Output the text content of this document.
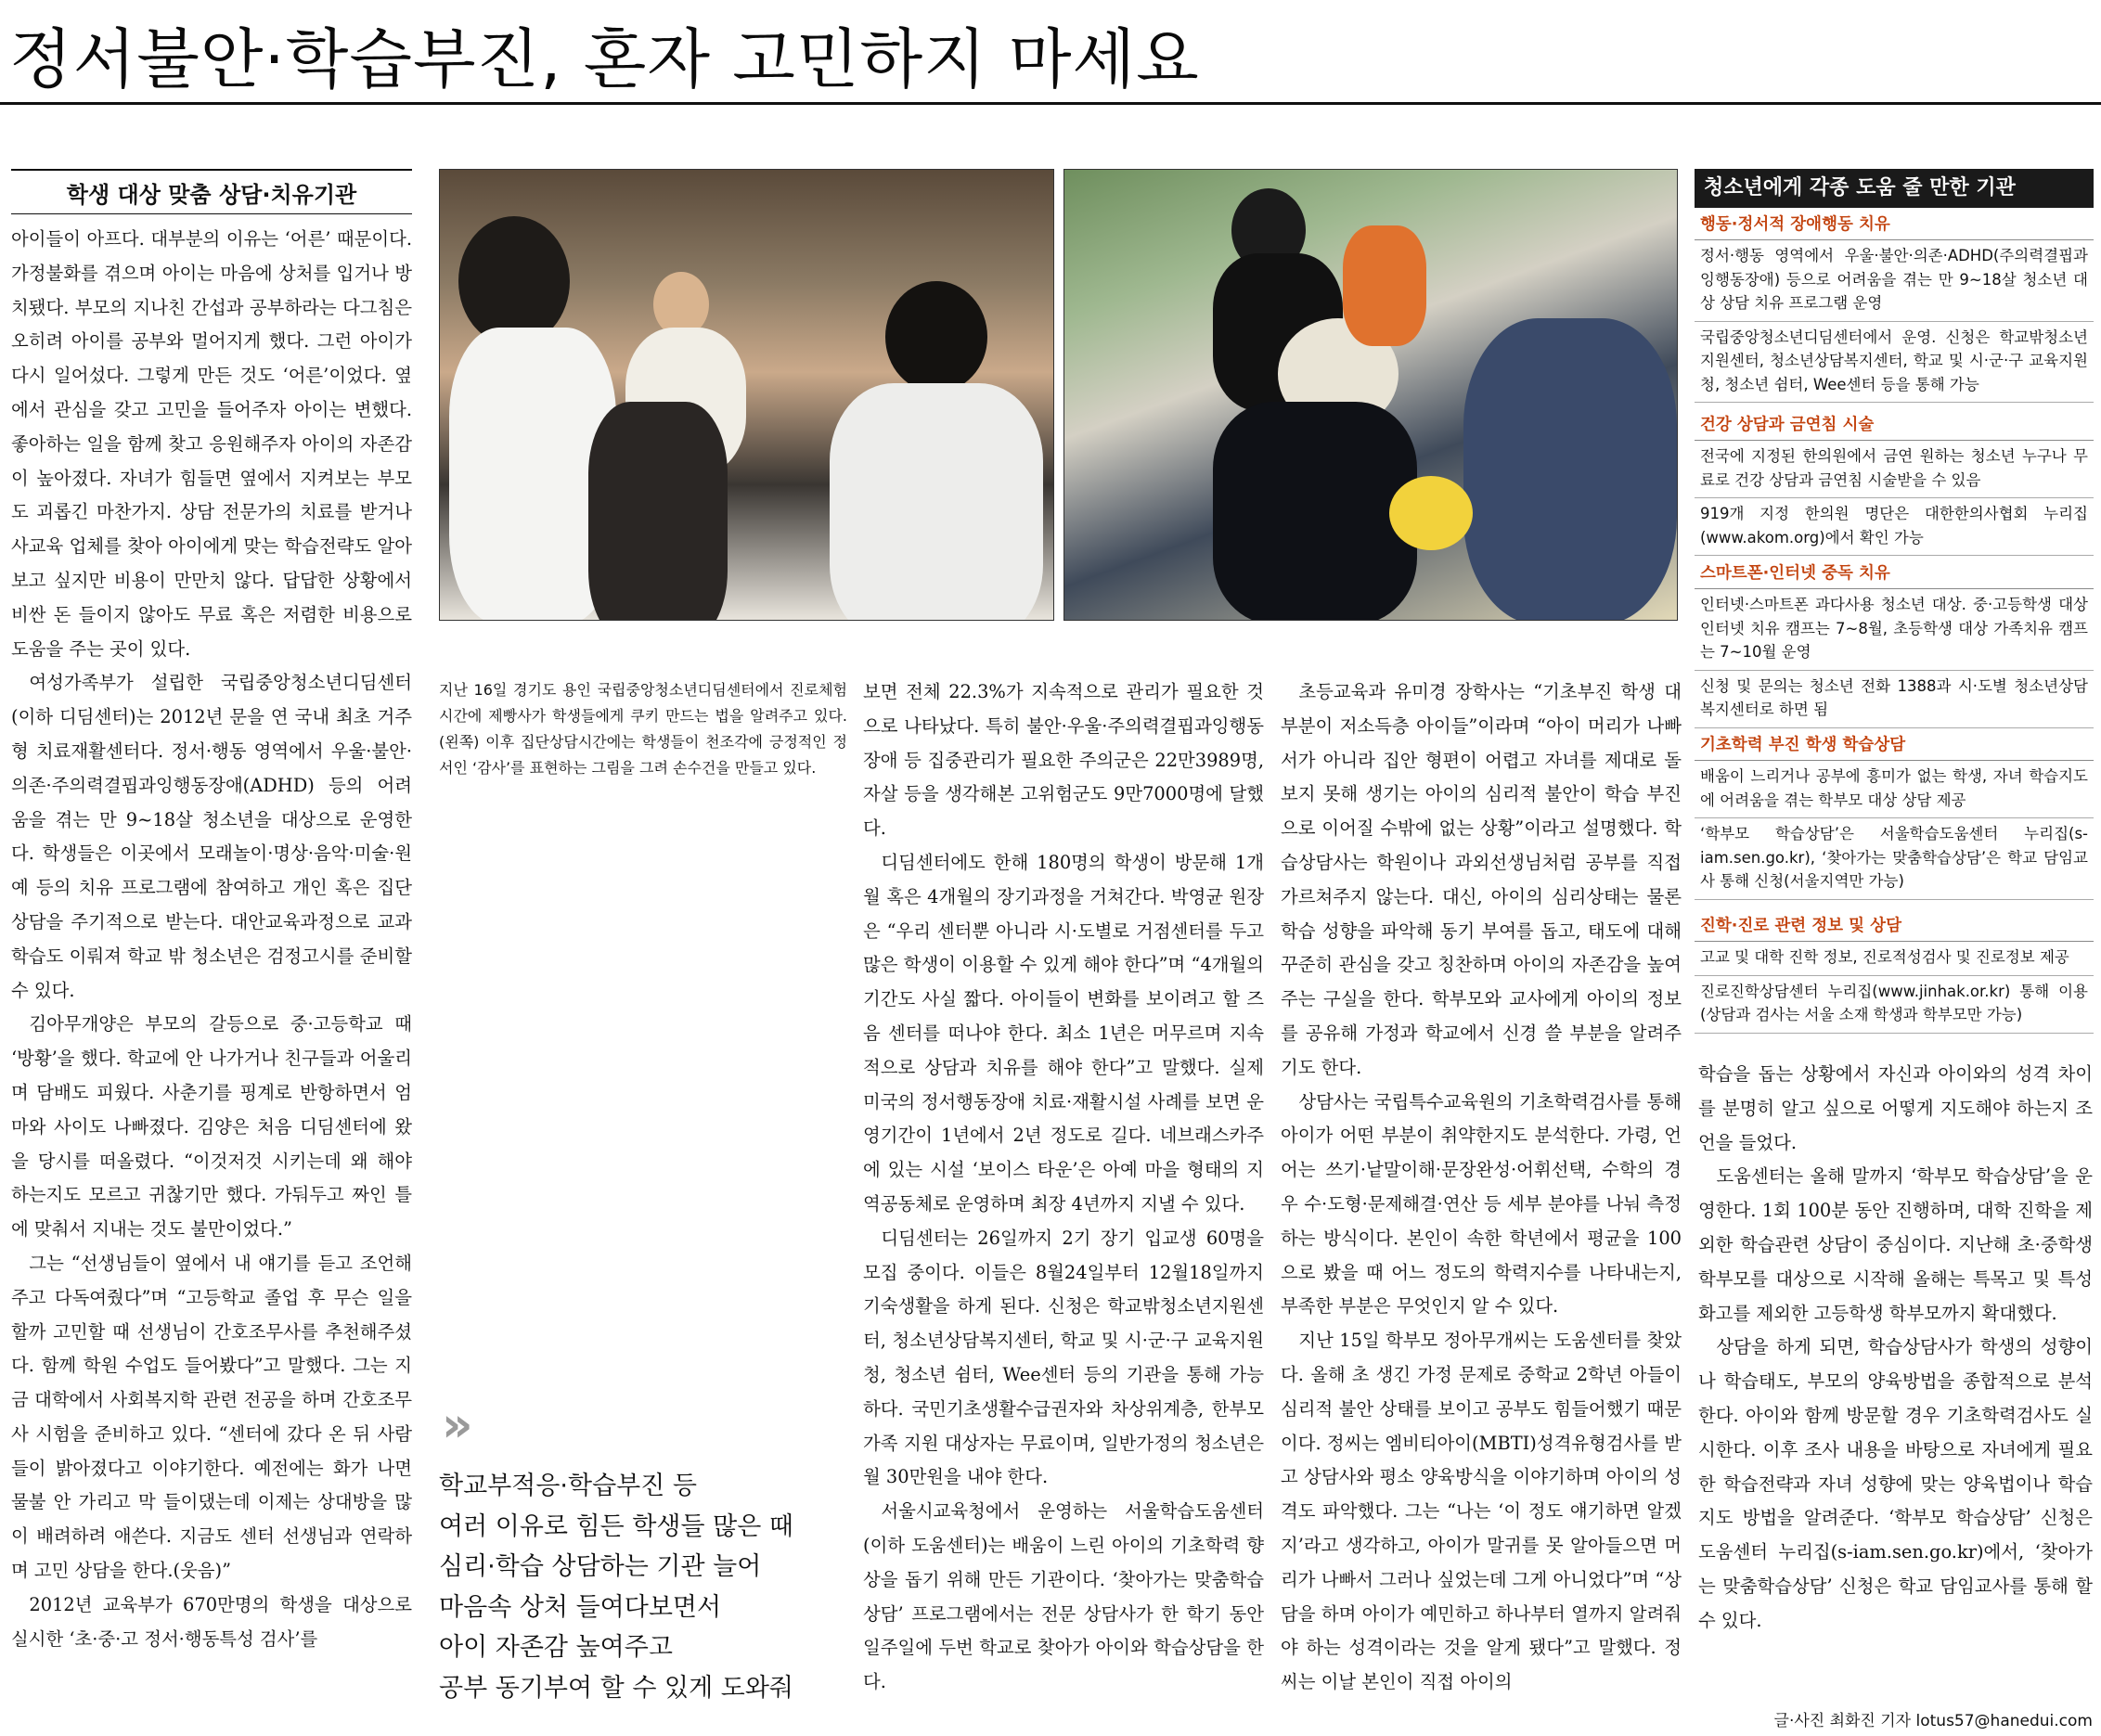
정서불안·학습부진, 혼자 고민하지 마세요
학생 대상 맞춤 상담·치유기관

아이들이 아프다. 대부분의 이유는 ‘어른’ 때문이다. 가정불화를 겪으며 아이는 마음에 상처를 입거나 방치됐다. 부모의 지나친 간섭과 공부하라는 다그침은 오히려 아이를 공부와 멀어지게 했다. 그런 아이가 다시 일어섰다. 그렇게 만든 것도 ‘어른’이었다. 옆에서 관심을 갖고 고민을 들어주자 아이는 변했다. 좋아하는 일을 함께 찾고 응원해주자 아이의 자존감이 높아졌다. 자녀가 힘들면 옆에서 지켜보는 부모도 괴롭긴 마찬가지. 상담 전문가의 치료를 받거나 사교육 업체를 찾아 아이에게 맞는 학습전략도 알아보고 싶지만 비용이 만만치 않다. 답답한 상황에서 비싼 돈 들이지 않아도 무료 혹은 저렴한 비용으로 도움을 주는 곳이 있다.

여성가족부가 설립한 국립중앙청소년디딤센터(이하 디딤센터)는 2012년 문을 연 국내 최초 거주형 치료재활센터다. 정서·행동 영역에서 우울·불안·의존·주의력결핍과잉행동장애(ADHD) 등의 어려움을 겪는 만 9~18살 청소년을 대상으로 운영한다. 학생들은 이곳에서 모래놀이·명상·음악·미술·원예 등의 치유 프로그램에 참여하고 개인 혹은 집단 상담을 주기적으로 받는다. 대안교육과정으로 교과 학습도 이뤄져 학교 밖 청소년은 검정고시를 준비할 수 있다.

김아무개양은 부모의 갈등으로 중·고등학교 때 ‘방황’을 했다. 학교에 안 나가거나 친구들과 어울리며 담배도 피웠다. 사춘기를 핑계로 반항하면서 엄마와 사이도 나빠졌다. 김양은 처음 디딤센터에 왔을 당시를 떠올렸다. “이것저것 시키는데 왜 해야 하는지도 모르고 귀찮기만 했다. 가둬두고 짜인 틀에 맞춰서 지내는 것도 불만이었다.”

그는 “선생님들이 옆에서 내 얘기를 듣고 조언해주고 다독여줬다”며 “고등학교 졸업 후 무슨 일을 할까 고민할 때 선생님이 간호조무사를 추천해주셨다. 함께 학원 수업도 들어봤다”고 말했다. 그는 지금 대학에서 사회복지학 관련 전공을 하며 간호조무사 시험을 준비하고 있다. “센터에 갔다 온 뒤 사람들이 밝아졌다고 이야기한다. 예전에는 화가 나면 물불 안 가리고 막 들이댔는데 이제는 상대방을 많이 배려하려 애쓴다. 지금도 센터 선생님과 연락하며 고민 상담을 한다.(웃음)”

2012년 교육부가 670만명의 학생을 대상으로 실시한 ‘초·중·고 정서·행동특성 검사’를

지난 16일 경기도 용인 국립중앙청소년디딤센터에서 진로체험 시간에 제빵사가 학생들에게 쿠키 만드는 법을 알려주고 있다.(왼쪽) 이후 집단상담시간에는 학생들이 천조각에 긍정적인 정서인 ‘감사’를 표현하는 그림을 그려 손수건을 만들고 있다.
»
학교부적응·학습부진 등
여러 이유로 힘든 학생들 많은 때
심리·학습 상담하는 기관 늘어
마음속 상처 들여다보면서
아이 자존감 높여주고
공부 동기부여 할 수 있게 도와줘

보면 전체 22.3%가 지속적으로 관리가 필요한 것으로 나타났다. 특히 불안·우울·주의력결핍과잉행동장애 등 집중관리가 필요한 주의군은 22만3989명, 자살 등을 생각해본 고위험군도 9만7000명에 달했다.

디딤센터에도 한해 180명의 학생이 방문해 1개월 혹은 4개월의 장기과정을 거쳐간다. 박영균 원장은 “우리 센터뿐 아니라 시·도별로 거점센터를 두고 많은 학생이 이용할 수 있게 해야 한다”며 “4개월의 기간도 사실 짧다. 아이들이 변화를 보이려고 할 즈음 센터를 떠나야 한다. 최소 1년은 머무르며 지속적으로 상담과 치유를 해야 한다”고 말했다. 실제 미국의 정서행동장애 치료·재활시설 사례를 보면 운영기간이 1년에서 2년 정도로 길다. 네브래스카주에 있는 시설 ‘보이스 타운’은 아예 마을 형태의 지역공동체로 운영하며 최장 4년까지 지낼 수 있다.

디딤센터는 26일까지 2기 장기 입교생 60명을 모집 중이다. 이들은 8월24일부터 12월18일까지 기숙생활을 하게 된다. 신청은 학교밖청소년지원센터, 청소년상담복지센터, 학교 및 시·군·구 교육지원청, 청소년 쉼터, Wee센터 등의 기관을 통해 가능하다. 국민기초생활수급권자와 차상위계층, 한부모가족 지원 대상자는 무료이며, 일반가정의 청소년은 월 30만원을 내야 한다.

서울시교육청에서 운영하는 서울학습도움센터(이하 도움센터)는 배움이 느린 아이의 기초학력 향상을 돕기 위해 만든 기관이다. ‘찾아가는 맞춤학습상담’ 프로그램에서는 전문 상담사가 한 학기 동안 일주일에 두번 학교로 찾아가 아이와 학습상담을 한다.

초등교육과 유미경 장학사는 “기초부진 학생 대부분이 저소득층 아이들”이라며 “아이 머리가 나빠서가 아니라 집안 형편이 어렵고 자녀를 제대로 돌보지 못해 생기는 아이의 심리적 불안이 학습 부진으로 이어질 수밖에 없는 상황”이라고 설명했다. 학습상담사는 학원이나 과외선생님처럼 공부를 직접 가르쳐주지 않는다. 대신, 아이의 심리상태는 물론 학습 성향을 파악해 동기 부여를 돕고, 태도에 대해 꾸준히 관심을 갖고 칭찬하며 아이의 자존감을 높여주는 구실을 한다. 학부모와 교사에게 아이의 정보를 공유해 가정과 학교에서 신경 쓸 부분을 알려주기도 한다.

상담사는 국립특수교육원의 기초학력검사를 통해 아이가 어떤 부분이 취약한지도 분석한다. 가령, 언어는 쓰기·낱말이해·문장완성·어휘선택, 수학의 경우 수·도형·문제해결·연산 등 세부 분야를 나눠 측정하는 방식이다. 본인이 속한 학년에서 평균을 100으로 봤을 때 어느 정도의 학력지수를 나타내는지, 부족한 부분은 무엇인지 알 수 있다.

지난 15일 학부모 정아무개씨는 도움센터를 찾았다. 올해 초 생긴 가정 문제로 중학교 2학년 아들이 심리적 불안 상태를 보이고 공부도 힘들어했기 때문이다. 정씨는 엠비티아이(MBTI)성격유형검사를 받고 상담사와 평소 양육방식을 이야기하며 아이의 성격도 파악했다. 그는 “나는 ‘이 정도 얘기하면 알겠지’라고 생각하고, 아이가 말귀를 못 알아들으면 머리가 나빠서 그러나 싶었는데 그게 아니었다”며 “상담을 하며 아이가 예민하고 하나부터 열까지 알려줘야 하는 성격이라는 것을 알게 됐다”고 말했다. 정씨는 이날 본인이 직접 아이의

청소년에게 각종 도움 줄 만한 기관
행동·정서적 장애행동 치유
정서·행동 영역에서 우울·불안·의존·ADHD(주의력결핍과잉행동장애) 등으로 어려움을 겪는 만 9~18살 청소년 대상 상담 치유 프로그램 운영
국립중앙청소년디딤센터에서 운영. 신청은 학교밖청소년지원센터, 청소년상담복지센터, 학교 및 시·군·구 교육지원청, 청소년 쉼터, Wee센터 등을 통해 가능
건강 상담과 금연침 시술
전국에 지정된 한의원에서 금연 원하는 청소년 누구나 무료로 건강 상담과 금연침 시술받을 수 있음
919개 지정 한의원 명단은 대한한의사협회 누리집(www.akom.org)에서 확인 가능
스마트폰·인터넷 중독 치유
인터넷·스마트폰 과다사용 청소년 대상. 중·고등학생 대상 인터넷 치유 캠프는 7~8월, 초등학생 대상 가족치유 캠프는 7~10월 운영
신청 및 문의는 청소년 전화 1388과 시·도별 청소년상담복지센터로 하면 됨
기초학력 부진 학생 학습상담
배움이 느리거나 공부에 흥미가 없는 학생, 자녀 학습지도에 어려움을 겪는 학부모 대상 상담 제공
‘학부모 학습상담’은 서울학습도움센터 누리집(s-iam.sen.go.kr), ‘찾아가는 맞춤학습상담’은 학교 담임교사 통해 신청(서울지역만 가능)
진학·진로 관련 정보 및 상담
고교 및 대학 진학 정보, 진로적성검사 및 진로정보 제공
진로진학상담센터 누리집(www.jinhak.or.kr) 통해 이용(상담과 검사는 서울 소재 학생과 학부모만 가능)

학습을 돕는 상황에서 자신과 아이와의 성격 차이를 분명히 알고 싶으로 어떻게 지도해야 하는지 조언을 들었다.

도움센터는 올해 말까지 ‘학부모 학습상담’을 운영한다. 1회 100분 동안 진행하며, 대학 진학을 제외한 학습관련 상담이 중심이다. 지난해 초·중학생 학부모를 대상으로 시작해 올해는 특목고 및 특성화고를 제외한 고등학생 학부모까지 확대했다.

상담을 하게 되면, 학습상담사가 학생의 성향이나 학습태도, 부모의 양육방법을 종합적으로 분석한다. 아이와 함께 방문할 경우 기초학력검사도 실시한다. 이후 조사 내용을 바탕으로 자녀에게 필요한 학습전략과 자녀 성향에 맞는 양육법이나 학습지도 방법을 알려준다. ‘학부모 학습상담’ 신청은 도움센터 누리집(s-iam.sen.go.kr)에서, ‘찾아가는 맞춤학습상담’ 신청은 학교 담임교사를 통해 할 수 있다.

글·사진 최화진 기자 lotus57@hanedui.com
